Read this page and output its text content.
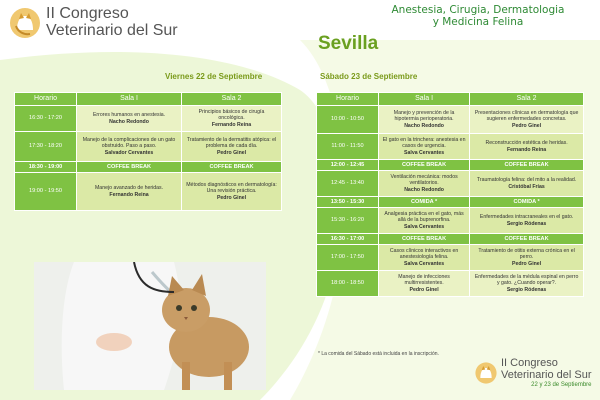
II Congreso
Veterinario del Sur
Anestesia, Cirugia, Dermatologia
y Medicina Felina
Sevilla
Viernes 22 de Septiembre	Sábado 23 de Septiembre
Horario	Sala I	Sala 2
16:30 - 17:20	Errores humanos en anestesia.
Nacho Redondo	Principios básicos de cirugía oncológica.
Fernando Reina

17:30 - 18:20	Manejo de la complicaciones de un gato obstruido. Paso a paso.
Salvador Cervantes	Tratamiento de la dermatitis atópica: el problema de cada día.
Pedro Ginel

18:30 - 19:00	COFFEE BREAK	COFFEE BREAK
19:00 - 19:50	Manejo avanzado de heridas.
Fernando Reina	Métodos diagnósticos en dermatología: Una revisión práctica.
Pedro Ginel
Horario	Sala I	Sala 2
10:00 - 10:50	Manejo y prevención de la hipotermia perioperatoria.
Nacho Redondo	Presentaciones clínicas en dermatología que sugieren enfermedades concretas.
Pedro Ginel

11:00 - 11:50	El gato en la trinchera: anestesia en casos de urgencia.
Salva Cervantes	Reconstrucción estética de heridas.
Fernando Reina

12:00 - 12:45	COFFEE BREAK	COFFEE BREAK
12:45 - 13:40	Ventilación mecánica: modos ventilatorios.
Nacho Redondo	Traumatología felina: del mito a la realidad.
Cristóbal Frías

13:50 - 15:30	COMIDA *	COMIDA *
15:30 - 16:20	Analgesia práctica en el gato, más allá de la buprenorfina.
Salva Cervantes	Enfermedades intracraneales en el gato.
Sergio Ródenas

16:30 - 17:00	COFFEE BREAK	COFFEE BREAK
17:00 - 17:50	Casos clínicos interactivos en anestesiología felina.
Salva Cervantes	Tratamiento de otitis externa crónica en el perro.
Pedro Ginel

18:00 - 18:50	Manejo de infecciones multirresistentes.
Pedro Ginel	Enfermedades de la médula espinal en perro y gato. ¿Cuando operar?.
Sergio Ródenas
* La comida del Sábado está incluida en la inscripción.
II Congreso
Veterinario del Sur
22 y 23 de Septiembre
